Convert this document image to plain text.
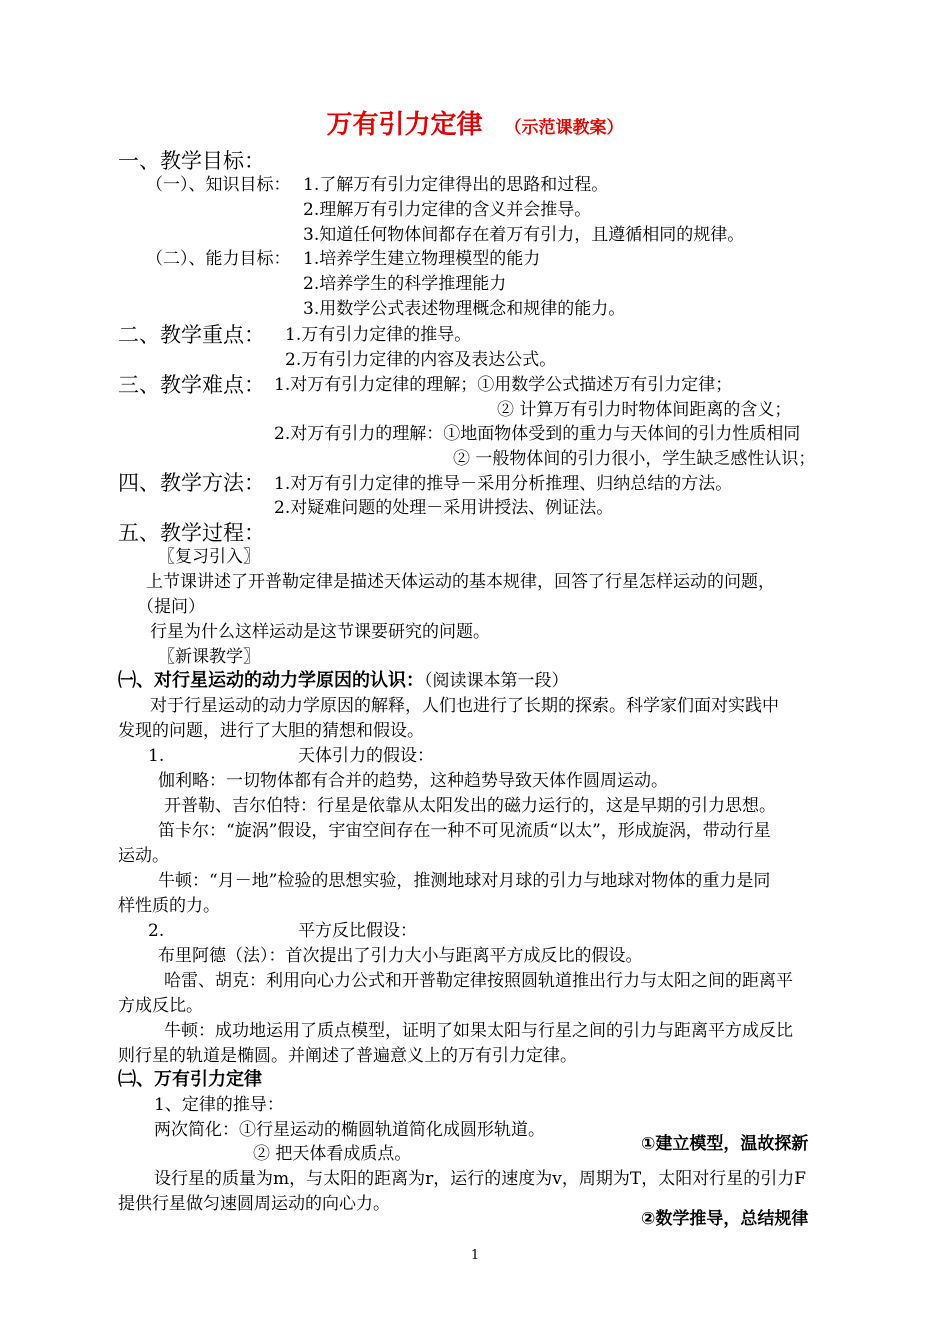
万有引力定律 （示范课教案）
一、教学目标：
（一）、知识目标： 1.了解万有引力定律得出的思路和过程。
2.理解万有引力定律的含义并会推导。
3.知道任何物体间都存在着万有引力，且遵循相同的规律。
（二）、能力目标： 1.培养学生建立物理模型的能力
2.培养学生的科学推理能力
3.用数学公式表述物理概念和规律的能力。
二、教学重点： 1.万有引力定律的推导。
2.万有引力定律的内容及表达公式。
三、教学难点： 1.对万有引力定律的理解；①用数学公式描述万有引力定律；
② 计算万有引力时物体间距离的含义；
2.对万有引力的理解：①地面物体受到的重力与天体间的引力性质相同
② 一般物体间的引力很小，学生缺乏感性认识；
四、教学方法： 1.对万有引力定律的推导－采用分析推理、归纳总结的方法。
2.对疑难问题的处理－采用讲授法、例证法。
五、教学过程：
〖复习引入〗
上节课讲述了开普勒定律是描述天体运动的基本规律，回答了行星怎样运动的问题，
（提问）
行星为什么这样运动是这节课要研究的问题。
〖新课教学〗
㈠、对行星运动的动力学原因的认识：（阅读课本第一段）
对于行星运动的动力学原因的解释，人们也进行了长期的探索。科学家们面对实践中
发现的问题，进行了大胆的猜想和假设。
1.	天体引力的假设：
伽利略：一切物体都有合并的趋势，这种趋势导致天体作圆周运动。
开普勒、吉尔伯特：行星是依靠从太阳发出的磁力运行的，这是早期的引力思想。
笛卡尔：“旋涡”假设，宇宙空间存在一种不可见流质“以太”，形成旋涡，带动行星
运动。
牛顿：“月－地”检验的思想实验，推测地球对月球的引力与地球对物体的重力是同
样性质的力。
2.	平方反比假设：
布里阿德（法）：首次提出了引力大小与距离平方成反比的假设。
哈雷、胡克：利用向心力公式和开普勒定律按照圆轨道推出行力与太阳之间的距离平
方成反比。
牛顿：成功地运用了质点模型，证明了如果太阳与行星之间的引力与距离平方成反比
则行星的轨道是椭圆。并阐述了普遍意义上的万有引力定律。
㈡、万有引力定律
1、定律的推导：
两次简化：①行星运动的椭圆轨道简化成圆形轨道。
② 把天体看成质点。
设行星的质量为m，与太阳的距离为r，运行的速度为v，周期为T，太阳对行星的引力F
提供行星做匀速圆周运动的向心力。
①建立模型，温故探新
②数学推导，总结规律
1
